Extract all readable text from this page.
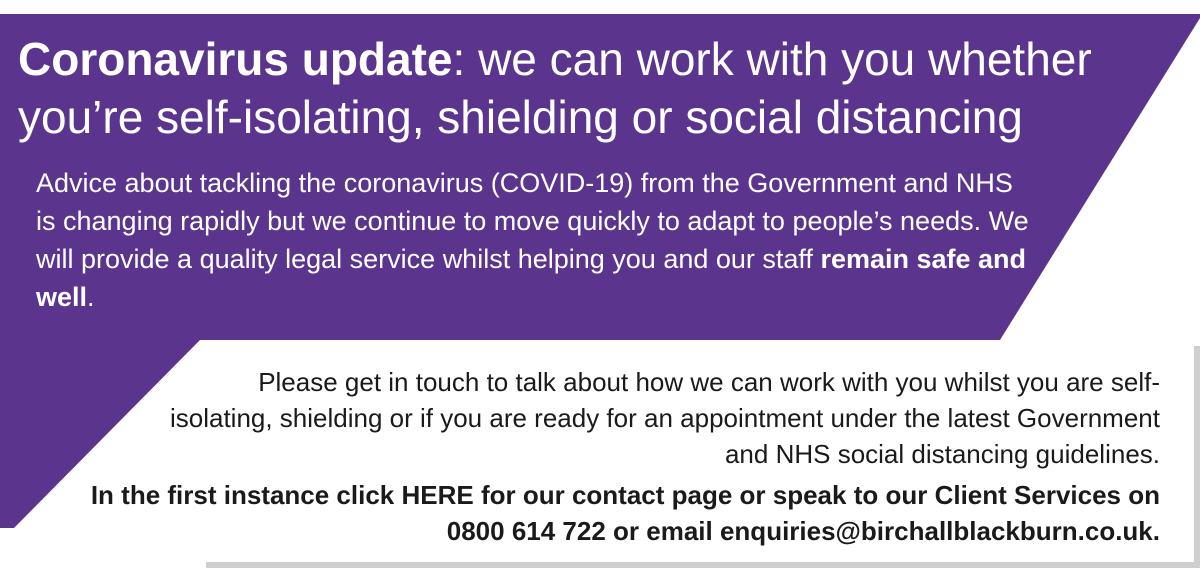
Coronavirus update: we can work with you whether you’re self-isolating, shielding or social distancing

Advice about tackling the coronavirus (COVID-19) from the Government and NHS is changing rapidly but we continue to move quickly to adapt to people’s needs. We will provide a quality legal service whilst helping you and our staff remain safe and well.

Please get in touch to talk about how we can work with you whilst you are self-isolating, shielding or if you are ready for an appointment under the latest Government and NHS social distancing guidelines.

In the first instance click HERE for our contact page or speak to our Client Services on 0800 614 722 or email enquiries@birchallblackburn.co.uk.
